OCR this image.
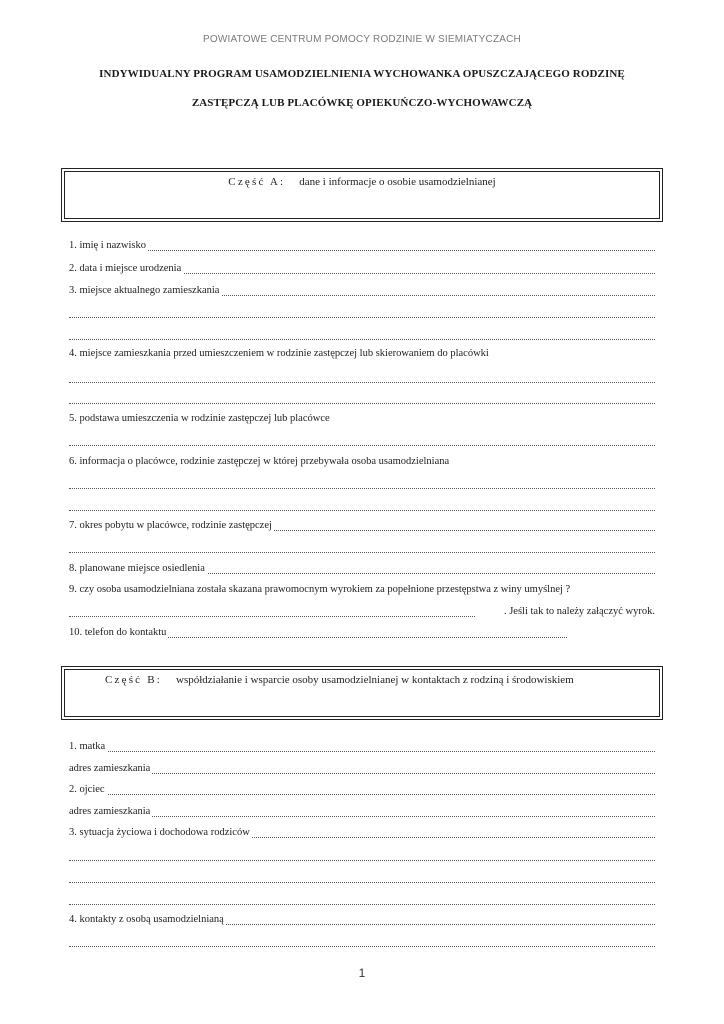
POWIATOWE CENTRUM POMOCY RODZINIE W SIEMIATYCZACH
INDYWIDUALNY PROGRAM USAMODZIELNIENIA WYCHOWANKA OPUSZCZAJĄCEGO RODZINĘ
ZASTĘPCZĄ LUB PLACÓWKĘ OPIEKUŃCZO-WYCHOWAWCZĄ
Część A: dane i informacje o osobie usamodzielnianej
1. imię i nazwisko
2. data i miejsce urodzenia
3. miejsce aktualnego zamieszkania
4. miejsce zamieszkania przed umieszczeniem w rodzinie zastępczej lub skierowaniem do placówki
5. podstawa umieszczenia w rodzinie zastępczej lub placówce
6. informacja o placówce, rodzinie zastępczej w której przebywała osoba usamodzielniana
7. okres pobytu w placówce, rodzinie zastępczej
8. planowane miejsce osiedlenia
9. czy osoba usamodzielniana została skazana prawomocnym wyrokiem za popełnione przestępstwa z winy umyślnej ?
. Jeśli tak to należy załączyć wyrok.
10. telefon do kontaktu
Część B: współdziałanie i wsparcie osoby usamodzielnianej w kontaktach z rodziną i środowiskiem
1. matka
adres zamieszkania
2. ojciec
adres zamieszkania
3. sytuacja życiowa i dochodowa rodziców
4. kontakty z osobą usamodzielnianą
1
